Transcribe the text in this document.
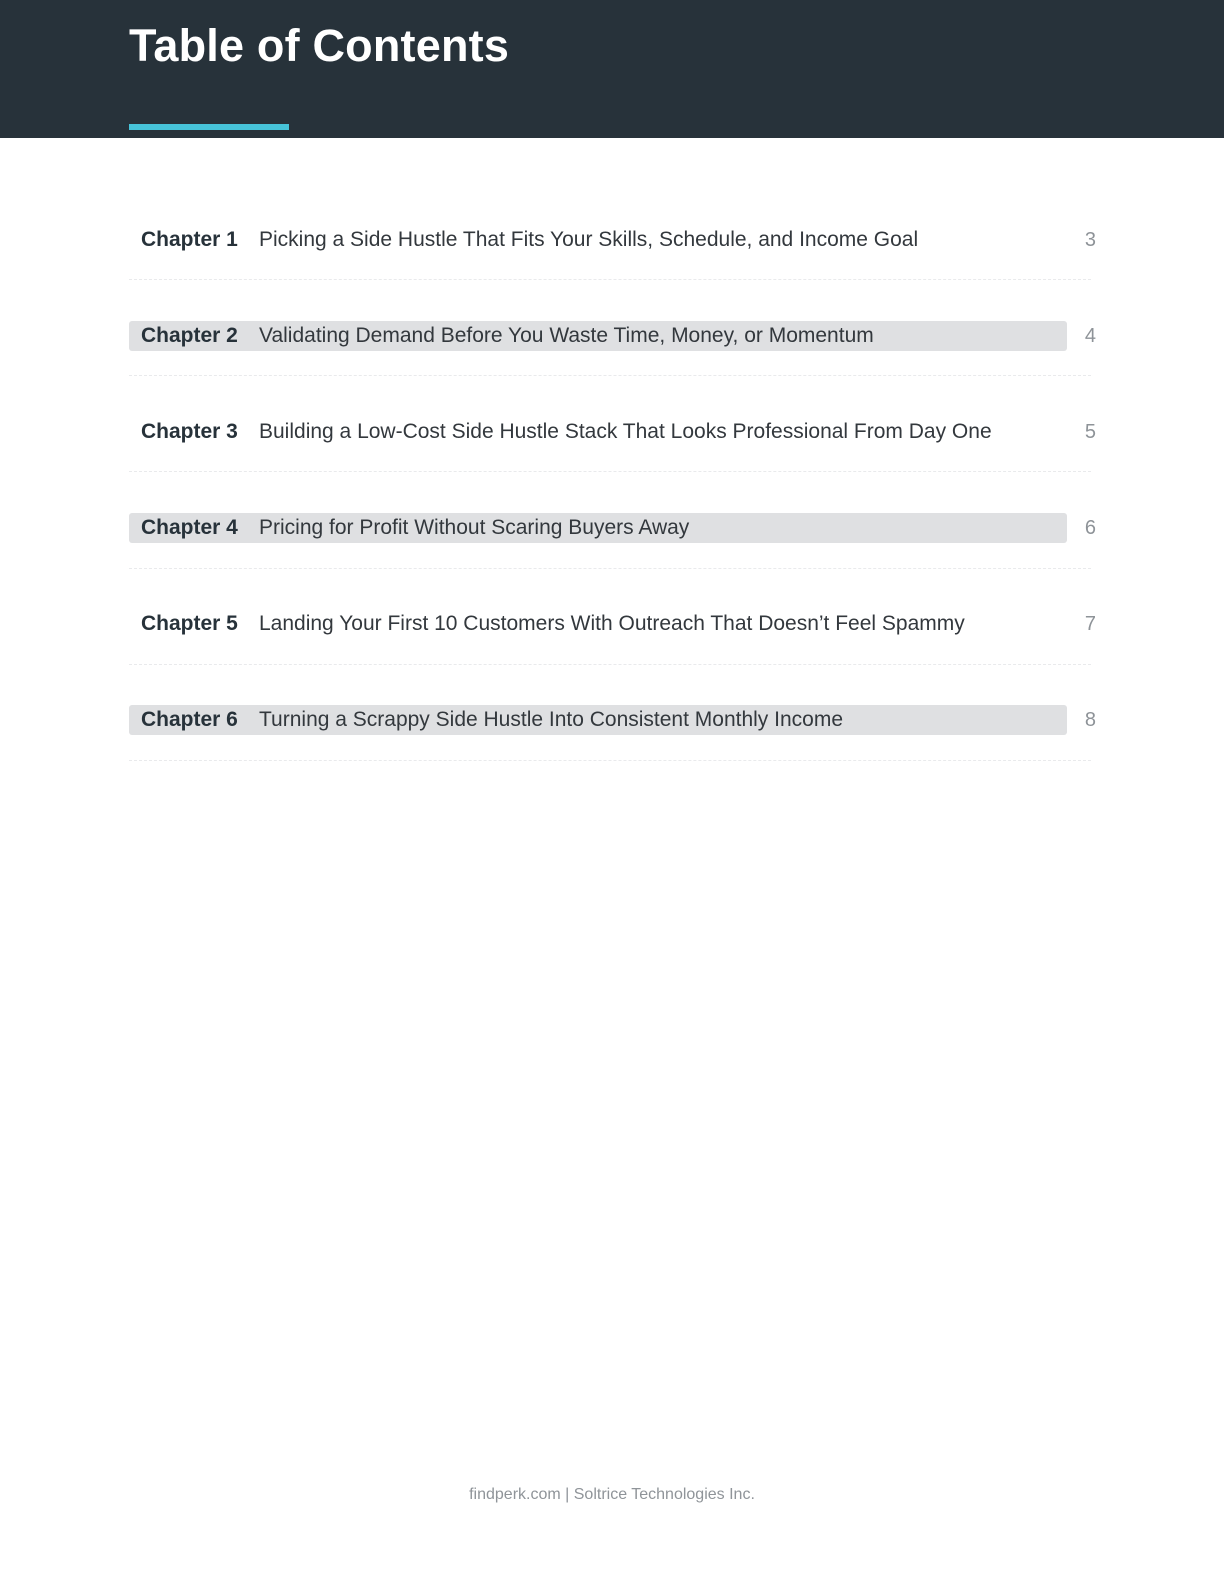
Table of Contents
Chapter 1 Picking a Side Hustle That Fits Your Skills, Schedule, and Income Goal	3
Chapter 2 Validating Demand Before You Waste Time, Money, or Momentum	4
Chapter 3 Building a Low-Cost Side Hustle Stack That Looks Professional From Day One	5
Chapter 4 Pricing for Profit Without Scaring Buyers Away	6
Chapter 5 Landing Your First 10 Customers With Outreach That Doesn’t Feel Spammy	7
Chapter 6 Turning a Scrappy Side Hustle Into Consistent Monthly Income	8
findperk.com | Soltrice Technologies Inc.
